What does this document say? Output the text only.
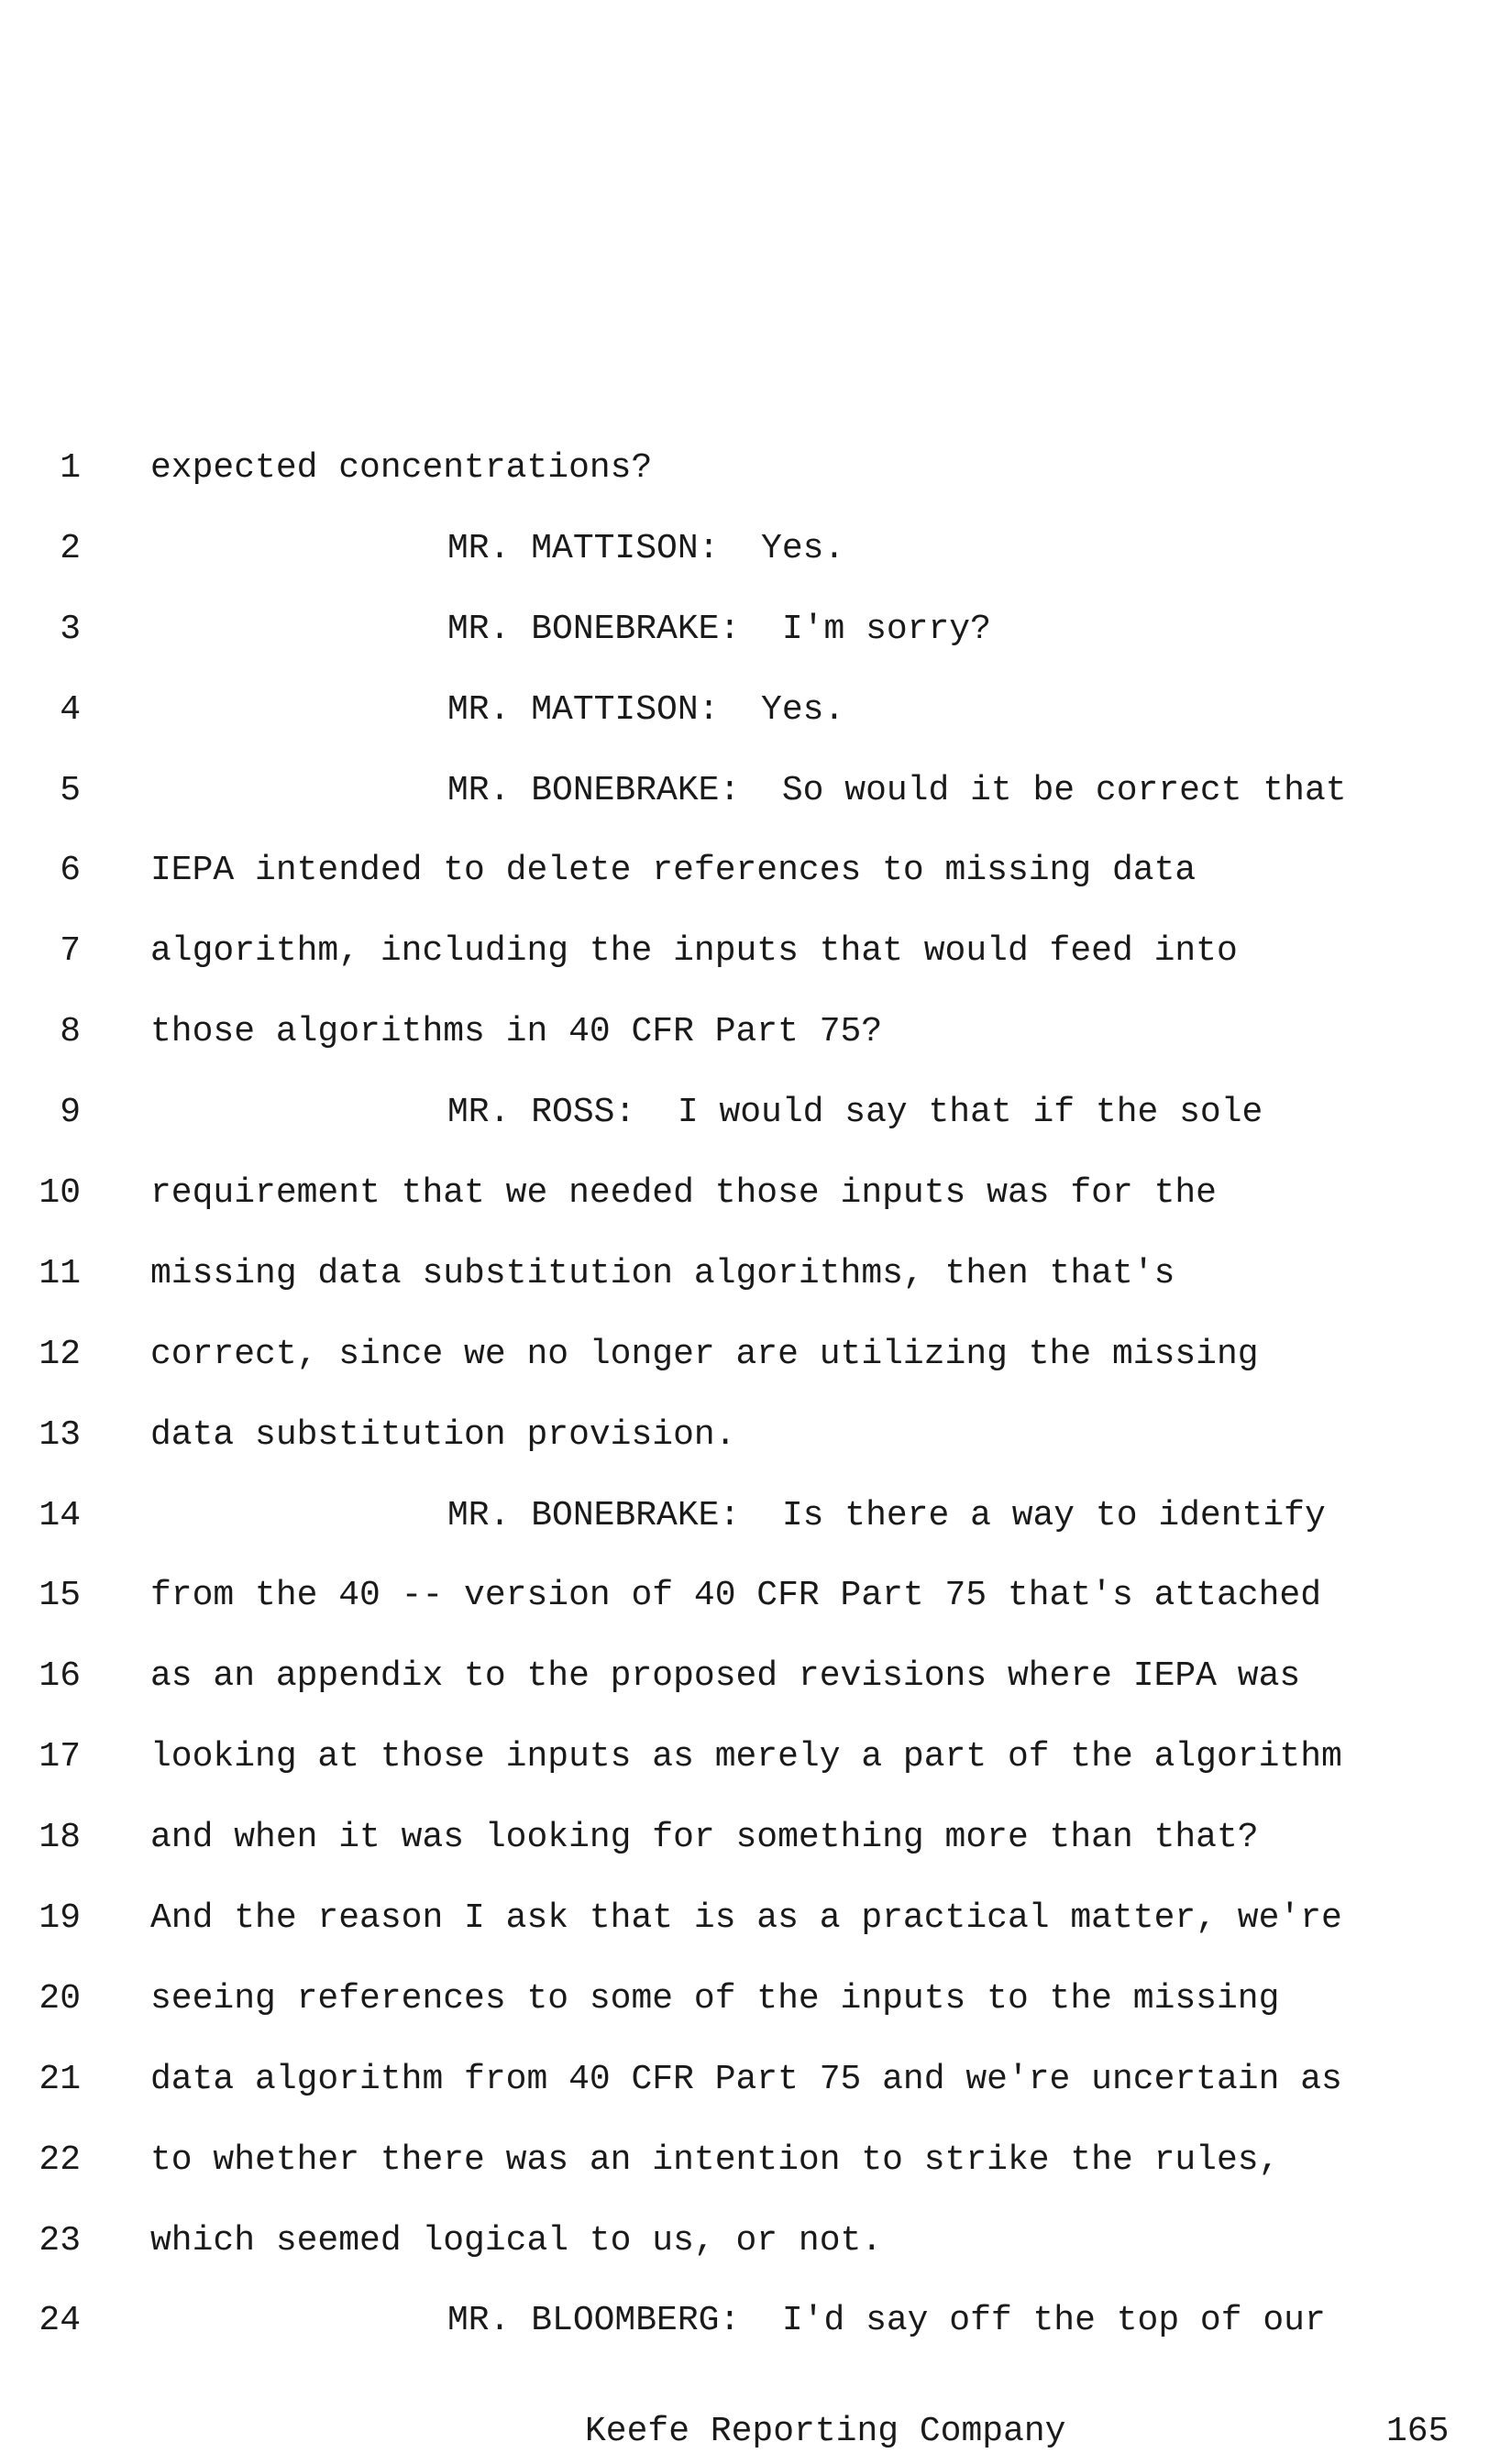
1 expected concentrations?
2	MR. MATTISON:  Yes.
3	MR. BONEBRAKE:  I'm sorry?
4	MR. MATTISON:  Yes.
5	MR. BONEBRAKE:  So would it be correct that
6 IEPA intended to delete references to missing data
7 algorithm, including the inputs that would feed into
8 those algorithms in 40 CFR Part 75?
9	MR. ROSS:  I would say that if the sole
10 requirement that we needed those inputs was for the
11 missing data substitution algorithms, then that's
12 correct, since we no longer are utilizing the missing
13 data substitution provision.
14	MR. BONEBRAKE:  Is there a way to identify
15 from the 40 -- version of 40 CFR Part 75 that's attached
16 as an appendix to the proposed revisions where IEPA was
17 looking at those inputs as merely a part of the algorithm
18 and when it was looking for something more than that?
19 And the reason I ask that is as a practical matter, we're
20 seeing references to some of the inputs to the missing
21 data algorithm from 40 CFR Part 75 and we're uncertain as
22 to whether there was an intention to strike the rules,
23 which seemed logical to us, or not.
24	MR. BLOOMBERG:  I'd say off the top of our
Keefe Reporting Company	165
